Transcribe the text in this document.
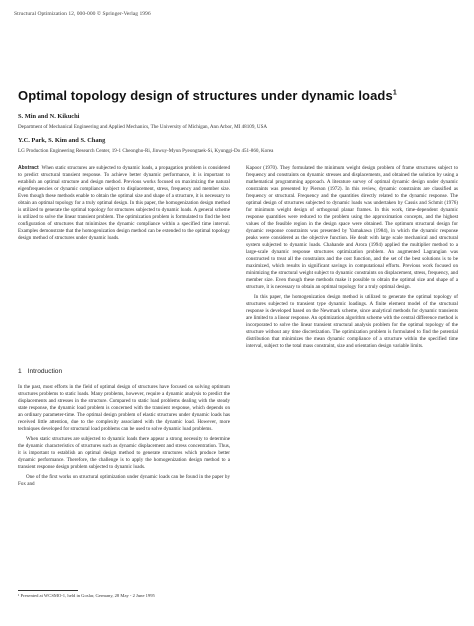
Structural Optimization 12, 000-000 © Springer-Verlag 1996
Optimal topology design of structures under dynamic loads$^1$
S. Min and N. Kikuchi
Department of Mechanical Engineering and Applied Mechanics, The University of Michigan, Ann Arbor, MI 48109, USA
Y.C. Park, S. Kim and S. Chang
LG Production Engineering Research Center, 19-1 Cheongho-Ri, Jinwuy-Myun Pyeongtaek-Si, Kyunggi-Do 451-860, Korea

Abstract When static structures are subjected to dynamic loads, a propagation problem is considered to predict structural transient response. To achieve better dynamic performance, it is important to establish an optimal structure and design method. Previous works focused on maximizing the natural eigenfrequencies or dynamic compliance subject to displacement, stress, frequency and member size. Even though these methods enable to obtain the optimal size and shape of a structure, it is necessary to obtain an optimal topology for a truly optimal design. In this paper, the homogenization design method is utilized to generate the optimal topology for structures subjected to dynamic loads. A general scheme is utilized to solve the linear transient problem. The optimization problem is formulated to find the best configuration of structures that minimizes the dynamic compliance within a specified time interval. Examples demonstrate that the homogenization design method can be extended to the optimal topology design method of structures under dynamic loads.

1 Introduction

In the past, most efforts in the field of optimal design of structures have focused on solving optimum structures problems to static loads. Many problems, however, require a dynamic analysis to predict the displacements and stresses in the structure. Compared to static load problems dealing with the steady state response, the dynamic load problem is concerned with the transient response, which depends on an ordinary parameter-time. The optimal design problem of elastic structures under dynamic loads has received little attention, due to the complexity associated with the dynamic load. However, more techniques developed for structural load problems can be used to solve dynamic load problems.

When static structures are subjected to dynamic loads there appear a strong necessity to determine the dynamic characteristics of structures such as dynamic displacement and stress concentration. Thus, it is important to establish an optimal design method to generate structures which produce better dynamic performance. Therefore, the challenge is to apply the homogenization design method to a transient response design problem subjected to dynamic loads.

One of the first works on structural optimization under dynamic loads can be found in the paper by Fox and

Kapoor (1970). They formulated the minimum weight design problem of frame structures subject to frequency and constraints on dynamic stresses and displacements, and obtained the solution by using a mathematical programming approach. A literature survey of optimal dynamic design under dynamic constraints was presented by Pierson (1972). In this review, dynamic constraints are classified as frequency or structural. Frequency and the quantities directly related to the dynamic response. The optimal design of structures subjected to dynamic loads was undertaken by Cassis and Schmit (1976) for minimum weight design of orthogonal planar frames. In this work, time-dependent dynamic response quantities were reduced to the problem using the approximation concepts, and the highest values of the feasible region in the design space were obtained. The optimum structural design for dynamic response constraints was presented by Yamakawa (1984), in which the dynamic response peaks were considered as the objective function. He dealt with large scale mechanical and structural system subjected to dynamic loads. Chahande and Arora (1994) applied the multiplier method to a large-scale dynamic response structures optimization problem. An augmented Lagrangian was constructed to treat all the constraints and the cost function, and the set of the best solutions is to be maximized, which results in significant savings in computational efforts. Previous work focused on minimizing the structural weight subject to dynamic constraints on displacement, stress, frequency, and member size. Even though these methods make it possible to obtain the optimal size and shape of a structure, it is necessary to obtain an optimal topology for a truly optimal design.

In this paper, the homogenization design method is utilized to generate the optimal topology of structures subjected to transient type dynamic loadings. A finite element model of the structural response is developed based on the Newmark scheme, since analytical methods for dynamic transients are limited to a linear response. An optimization algorithm scheme with the central difference method is incorporated to solve the linear transient structural analysis problem for the optimal topology of the structure without any time discretization. The optimization problem is formulated to find the potential distribution that minimizes the mean dynamic compliance of a structure within the specified time interval, subject to the total mass constraint, size and orientation design variable limits.

¹ Presented at WCSMO-1, held in Goslar, Germany, 28 May - 2 June 1995
